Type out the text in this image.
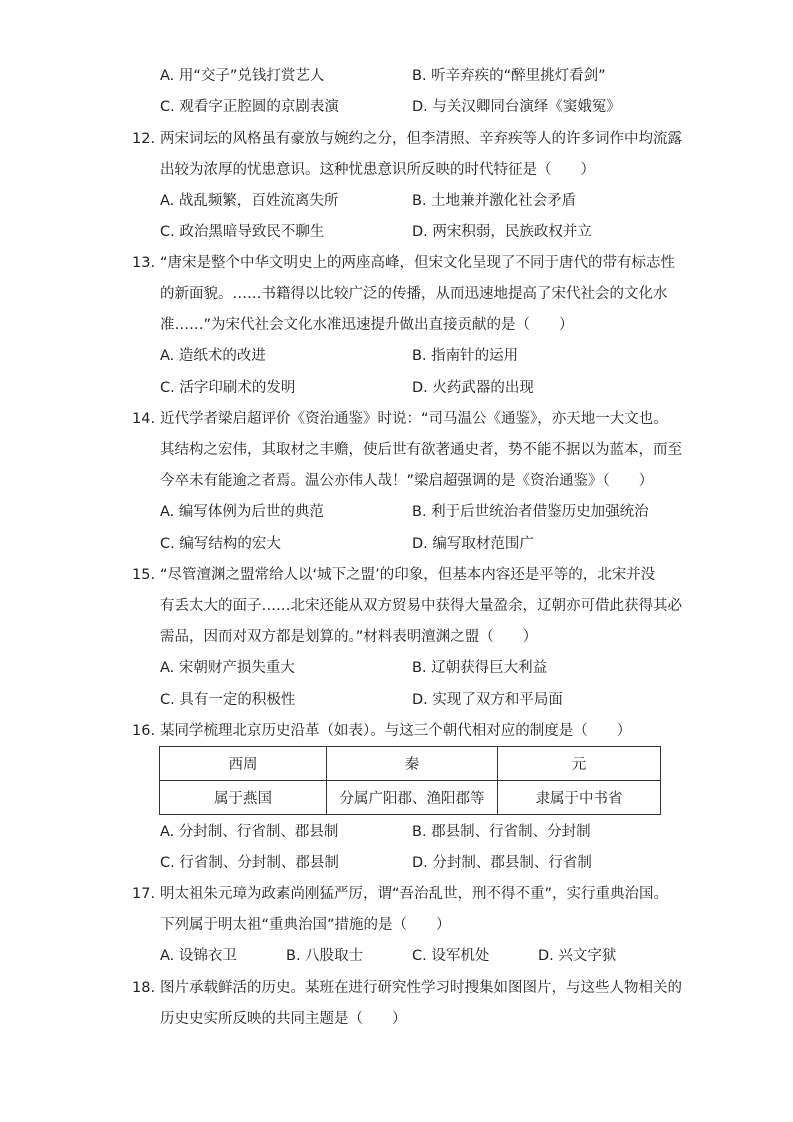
A. 用“交子”兑钱打赏艺人	B. 听辛弃疾的“醉里挑灯看剑”
C. 观看字正腔圆的京剧表演	D. 与关汉卿同台演绎《窦娥冤》
12. 两宋词坛的风格虽有豪放与婉约之分，但李清照、辛弃疾等人的许多词作中均流露
出较为浓厚的忧患意识。这种忧患意识所反映的时代特征是（　　）
A. 战乱频繁，百姓流离失所	B. 土地兼并激化社会矛盾
C. 政治黑暗导致民不聊生	D. 两宋积弱，民族政权并立
13. “唐宋是整个中华文明史上的两座高峰，但宋文化呈现了不同于唐代的带有标志性
的新面貌。……书籍得以比较广泛的传播，从而迅速地提高了宋代社会的文化水
准……”为宋代社会文化水准迅速提升做出直接贡献的是（　　）
A. 造纸术的改进	B. 指南针的运用
C. 活字印刷术的发明	D. 火药武器的出现
14. 近代学者梁启超评价《资治通鉴》时说：“司马温公《通鉴》，亦天地一大文也。
其结构之宏伟，其取材之丰赡，使后世有欲著通史者，势不能不据以为蓝本，而至
今卒未有能逾之者焉。温公亦伟人哉！”梁启超强调的是《资治通鉴》（　　）
A. 编写体例为后世的典范	B. 利于后世统治者借鉴历史加强统治
C. 编写结构的宏大	D. 编写取材范围广
15. “尽管澶渊之盟常给人以‘城下之盟’的印象，但基本内容还是平等的，北宋并没
有丢太大的面子……北宋还能从双方贸易中获得大量盈余，辽朝亦可借此获得其必
需品，因而对双方都是划算的。”材料表明澶渊之盟（　　）
A. 宋朝财产损失重大	B. 辽朝获得巨大利益
C. 具有一定的积极性	D. 实现了双方和平局面
16. 某同学梳理北京历史沿革（如表）。与这三个朝代相对应的制度是（　　）
西周	秦	元
属于燕国	分属广阳郡、渔阳郡等	隶属于中书省
A. 分封制、行省制、郡县制	B. 郡县制、行省制、分封制
C. 行省制、分封制、郡县制	D. 分封制、郡县制、行省制
17. 明太祖朱元璋为政素尚刚猛严厉，谓“吾治乱世，刑不得不重”，实行重典治国。
下列属于明太祖“重典治国”措施的是（　　）
A. 设锦衣卫	B. 八股取士	C. 设军机处	D. 兴文字狱
18. 图片承载鲜活的历史。某班在进行研究性学习时搜集如图图片，与这些人物相关的
历史史实所反映的共同主题是（　　）
